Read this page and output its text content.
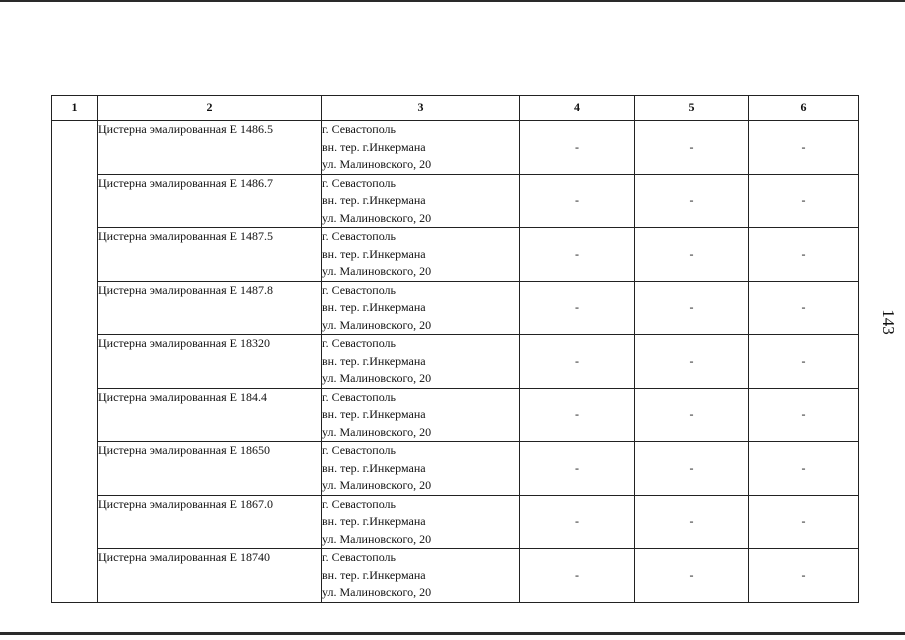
1	2	3	4	5	6
	Цистерна эмалированная Е 1486.5	г. Севастополь
вн. тер. г.Инкермана
ул. Малиновского, 20	-	-	-
	Цистерна эмалированная Е 1486.7	г. Севастополь
вн. тер. г.Инкермана
ул. Малиновского, 20	-	-	-
	Цистерна эмалированная Е 1487.5	г. Севастополь
вн. тер. г.Инкермана
ул. Малиновского, 20	-	-	-
	Цистерна эмалированная Е 1487.8	г. Севастополь
вн. тер. г.Инкермана
ул. Малиновского, 20	-	-	-
	Цистерна эмалированная Е 18320	г. Севастополь
вн. тер. г.Инкермана
ул. Малиновского, 20	-	-	-
	Цистерна эмалированная Е 184.4	г. Севастополь
вн. тер. г.Инкермана
ул. Малиновского, 20	-	-	-
	Цистерна эмалированная Е 18650	г. Севастополь
вн. тер. г.Инкермана
ул. Малиновского, 20	-	-	-
	Цистерна эмалированная Е 1867.0	г. Севастополь
вн. тер. г.Инкермана
ул. Малиновского, 20	-	-	-
	Цистерна эмалированная Е 18740	г. Севастополь
вн. тер. г.Инкермана
ул. Малиновского, 20	-	-	-
143
